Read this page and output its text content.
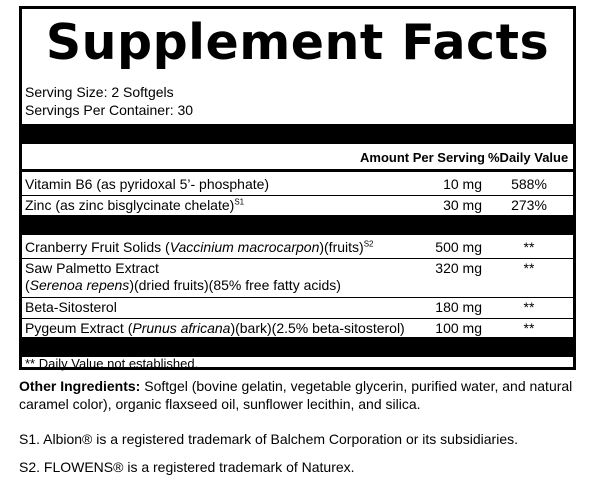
Supplement Facts
Serving Size: 2 Softgels
Servings Per Container: 30
Amount Per Serving %Daily Value
Vitamin B6 (as pyridoxal 5’- phosphate)	10 mg	588%
Zinc (as zinc bisglycinate chelate)$^{S1}$	30 mg	273%
Cranberry Fruit Solids (Vaccinium macrocarpon)(fruits)$^{S2}$	500 mg	**
Saw Palmetto Extract
(Serenoa repens)(dried fruits)(85% free fatty acids)
320 mg	**
Beta-Sitosterol	180 mg	**
Pygeum Extract (Prunus africana)(bark)(2.5% beta-sitosterol)	100 mg	**
** Daily Value not established.
Other Ingredients: Softgel (bovine gelatin, vegetable glycerin, purified water, and natural caramel color), organic flaxseed oil, sunflower lecithin, and silica.
S1. Albion® is a registered trademark of Balchem Corporation or its subsidiaries.
S2. FLOWENS® is a registered trademark of Naturex.
